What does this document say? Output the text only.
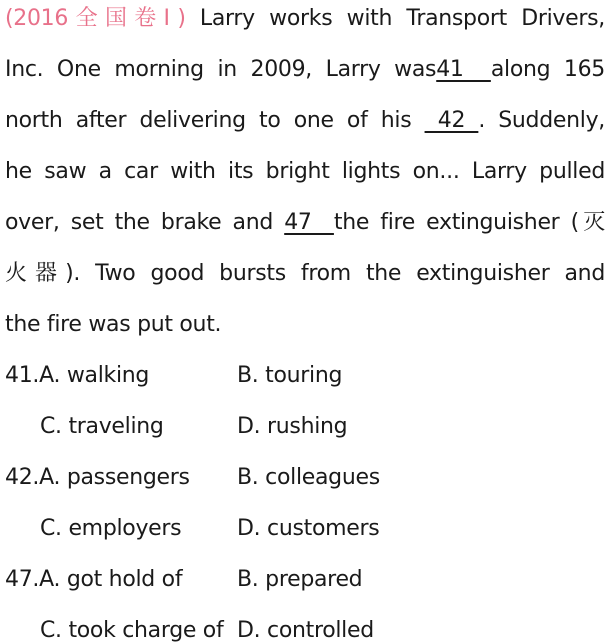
(2016全国卷Ⅰ) Larry works with Transport Drivers,
Inc. One morning in 2009, Larry was41  along 165
north after delivering to one of his  42 . Suddenly,
he saw a car with its bright lights on... Larry pulled
over, set the brake and 47  the fire extinguisher (灭
火器). Two good bursts from the extinguisher and
the fire was put out.
41.A. walking	B. touring
C. traveling	D. rushing
42.A. passengers	B. colleagues
C. employers	D. customers
47.A. got hold of	B. prepared
C. took charge of D. controlled
